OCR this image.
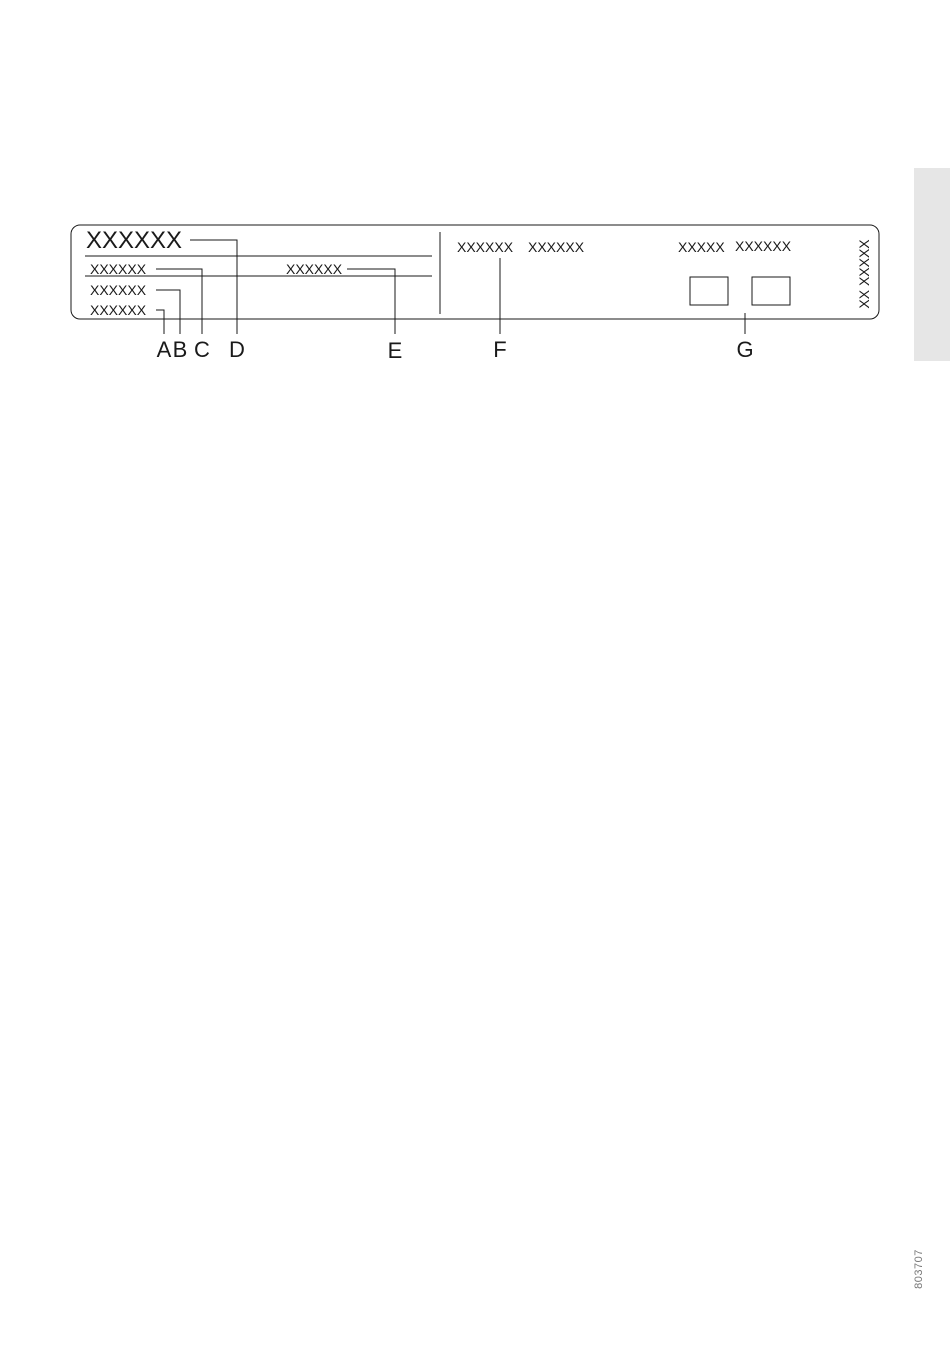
XXXXXX
XXXXXX
XXXXXX
XXXXXX
XXXXXX
XXXXXX XXXXXX	XXXXX XXXXXX	XX XXXXX
A B C D	E	F	G
803707
